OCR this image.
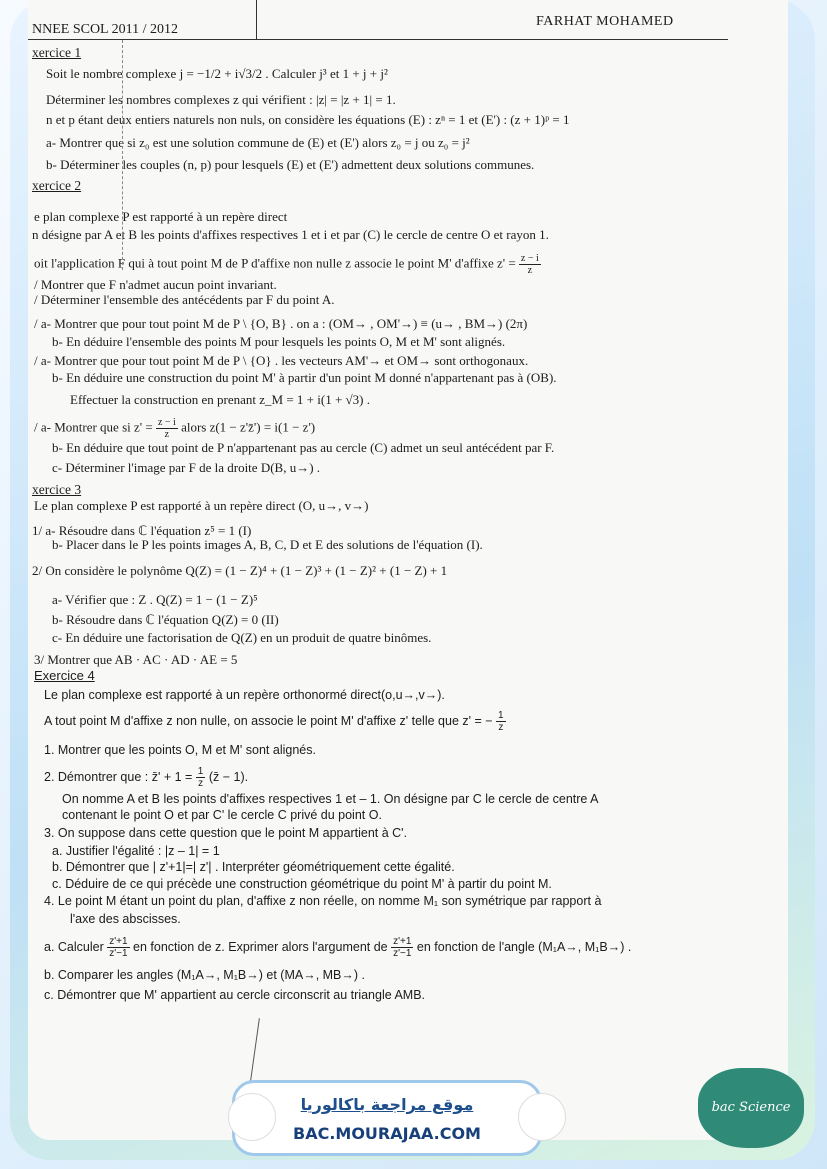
NNEE SCOL 2011 / 2012
FARHAT MOHAMED
xercice 1
Soit le nombre complexe j = −1/2 + i√3/2 . Calculer j³ et 1 + j + j²
Déterminer les nombres complexes z qui vérifient : |z| = |z + 1| = 1.
n et p étant deux entiers naturels non nuls, on considère les équations (E) : zⁿ = 1 et (E') : (z + 1)ᵖ = 1
a- Montrer que si z₀ est une solution commune de (E) et (E') alors z₀ = j ou z₀ = j²
b- Déterminer les couples (n, p) pour lesquels (E) et (E') admettent deux solutions communes.
xercice 2
e plan complexe P est rapporté à un repère direct
n désigne par A et B les points d'affixes respectives 1 et i et par (C) le cercle de centre O et rayon 1.
oit l'application F qui à tout point M de P d'affixe non nulle z associe le point M' d'affixe $z' = \frac{z - i}{z}$
/ Montrer que F n'admet aucun point invariant.
/ Déterminer l'ensemble des antécédents par F du point A.
/ a- Montrer que pour tout point M de P \ {O, B} . on a : (OM→ , OM'→) ≡ (u→ , BM→) (2π)
b- En déduire l'ensemble des points M pour lesquels les points O, M et M' sont alignés.
/ a- Montrer que pour tout point M de P \ {O} . les vecteurs AM'→ et OM→ sont orthogonaux.
b- En déduire une construction du point M' à partir d'un point M donné n'appartenant pas à (OB).
Effectuer la construction en prenant z_M = 1 + i(1 + √3) .
/ a- Montrer que si $z' = \frac{z - i}{z}$ alors z(1 − z'z̄') = i(1 − z')
b- En déduire que tout point de P n'appartenant pas au cercle (C) admet un seul antécédent par F.
c- Déterminer l'image par F de la droite D(B, u→) .
xercice 3
Le plan complexe P est rapporté à un repère direct (O, u→, v→)
1/ a- Résoudre dans ℂ l'équation z⁵ = 1 (I)
b- Placer dans le P les points images A, B, C, D et E des solutions de l'équation (I).
2/ On considère le polynôme Q(Z) = (1 − Z)⁴ + (1 − Z)³ + (1 − Z)² + (1 − Z) + 1
a- Vérifier que : Z . Q(Z) = 1 − (1 − Z)⁵
b- Résoudre dans ℂ l'équation Q(Z) = 0 (II)
c- En déduire une factorisation de Q(Z) en un produit de quatre binômes.
3/ Montrer que AB · AC · AD · AE = 5
Exercice 4
Le plan complexe est rapporté à un repère orthonormé direct(o,u→,v→).
A tout point M d'affixe z non nulle, on associe le point M' d'affixe z' telle que z' = − $\frac{1}{z}$
1. Montrer que les points O, M et M' sont alignés.
2. Démontrer que : z̄' + $1 = \frac{1}{z}$ (z̄ − 1).
On nomme A et B les points d'affixes respectives 1 et – 1. On désigne par C le cercle de centre A
contenant le point O et par C' le cercle C privé du point O.
3. On suppose dans cette question que le point M appartient à C'.
a. Justifier l'égalité : |z – 1| = 1
b. Démontrer que | z'+1|=| z'| . Interpréter géométriquement cette égalité.
c. Déduire de ce qui précède une construction géométrique du point M' à partir du point M.
4. Le point M étant un point du plan, d'affixe z non réelle, on nomme M₁ son symétrique par rapport à
l'axe des abscisses.
a. Calculer $\frac{z'+1}{z'-1}$ en fonction de z. Exprimer alors l'argument de $\frac{z'+1}{z'-1}$ en fonction de l'angle (M₁A→, M₁B→) .
b. Comparer les angles (M₁A→, M₁B→) et (MA→, MB→) .
c. Démontrer que M' appartient au cercle circonscrit au triangle AMB.
موقع مراجعة باكالوريا
BAC.MOURAJAA.COM
bac Science
